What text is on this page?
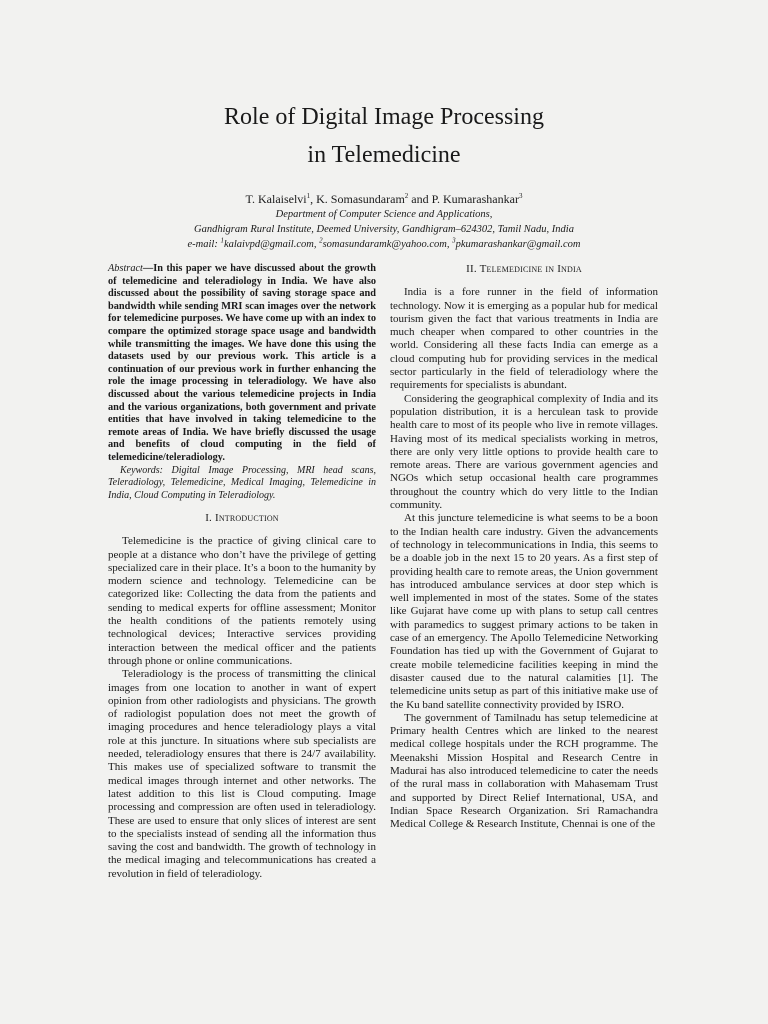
Role of Digital Image Processing
in Telemedicine
T. Kalaiselvi$^1$, K. Somasundaram$^2$ and P. Kumarashankar$^3$
Department of Computer Science and Applications,
Gandhigram Rural Institute, Deemed University, Gandhigram–624302, Tamil Nadu, India
e-mail: $^1$kalaivpd@gmail.com, $^2$somasundaramk@yahoo.com, $^3$pkumarashankar@gmail.com
Abstract—In this paper we have discussed about the growth of telemedicine and teleradiology in India. We have also discussed about the possibility of saving storage space and bandwidth while sending MRI scan images over the network for telemedicine purposes. We have come up with an index to compare the optimized storage space usage and bandwidth while transmitting the images. We have done this using the datasets used by our previous work. This article is a continuation of our previous work in further enhancing the role the image processing in teleradiology. We have also discussed about the various telemedicine projects in India and the various organizations, both government and private entities that have involved in taking telemedicine to the remote areas of India. We have briefly discussed the usage and benefits of cloud computing in the field of telemedicine/teleradiology.

Keywords: Digital Image Processing, MRI head scans, Teleradiology, Telemedicine, Medical Imaging, Telemedicine in India, Cloud Computing in Teleradiology.

I. Introduction

Telemedicine is the practice of giving clinical care to people at a distance who don’t have the privilege of getting specialized care in their place. It’s a boon to the humanity by modern science and technology. Telemedicine can be categorized like: Collecting the data from the patients and sending to medical experts for offline assessment; Monitor the health conditions of the patients remotely using technological devices; Interactive services providing interaction between the medical officer and the patients through phone or online communications.

Teleradiology is the process of transmitting the clinical images from one location to another in want of expert opinion from other radiologists and physicians. The growth of radiologist population does not meet the growth of imaging procedures and hence teleradiology plays a vital role at this juncture. In situations where sub specialists are needed, teleradiology ensures that there is 24/7 availability. This makes use of specialized software to transmit the medical images through internet and other networks. The latest addition to this list is Cloud computing. Image processing and compression are often used in teleradiology. These are used to ensure that only slices of interest are sent to the specialists instead of sending all the information thus saving the cost and bandwidth. The growth of technology in the medical imaging and telecommunications has created a revolution in field of teleradiology.

II. Telemedicine in India

India is a fore runner in the field of information technology. Now it is emerging as a popular hub for medical tourism given the fact that various treatments in India are much cheaper when compared to other countries in the world. Considering all these facts India can emerge as a cloud computing hub for providing services in the medical sector particularly in the field of teleradiology where the requirements for specialists is abundant.

Considering the geographical complexity of India and its population distribution, it is a herculean task to provide health care to most of its people who live in remote villages. Having most of its medical specialists working in metros, there are only very little options to provide health care to remote areas. There are various government agencies and NGOs which setup occasional health care programmes throughout the country which do very little to the Indian community.

At this juncture telemedicine is what seems to be a boon to the Indian health care industry. Given the advancements of technology in telecommunications in India, this seems to be a doable job in the next 15 to 20 years. As a first step of providing health care to remote areas, the Union government has introduced ambulance services at door step which is well implemented in most of the states. Some of the states like Gujarat have come up with plans to setup call centres with paramedics to suggest primary actions to be taken in case of an emergency. The Apollo Telemedicine Networking Foundation has tied up with the Government of Gujarat to create mobile telemedicine facilities keeping in mind the disaster caused due to the natural calamities [1]. The telemedicine units setup as part of this initiative make use of the Ku band satellite connectivity provided by ISRO.

The government of Tamilnadu has setup telemedicine at Primary health Centres which are linked to the nearest medical college hospitals under the RCH programme. The Meenakshi Mission Hospital and Research Centre in Madurai has also introduced telemedicine to cater the needs of the rural mass in collaboration with Mahasemam Trust and supported by Direct Relief International, USA, and Indian Space Research Organization. Sri Ramachandra Medical College & Research Institute, Chennai is one of the
